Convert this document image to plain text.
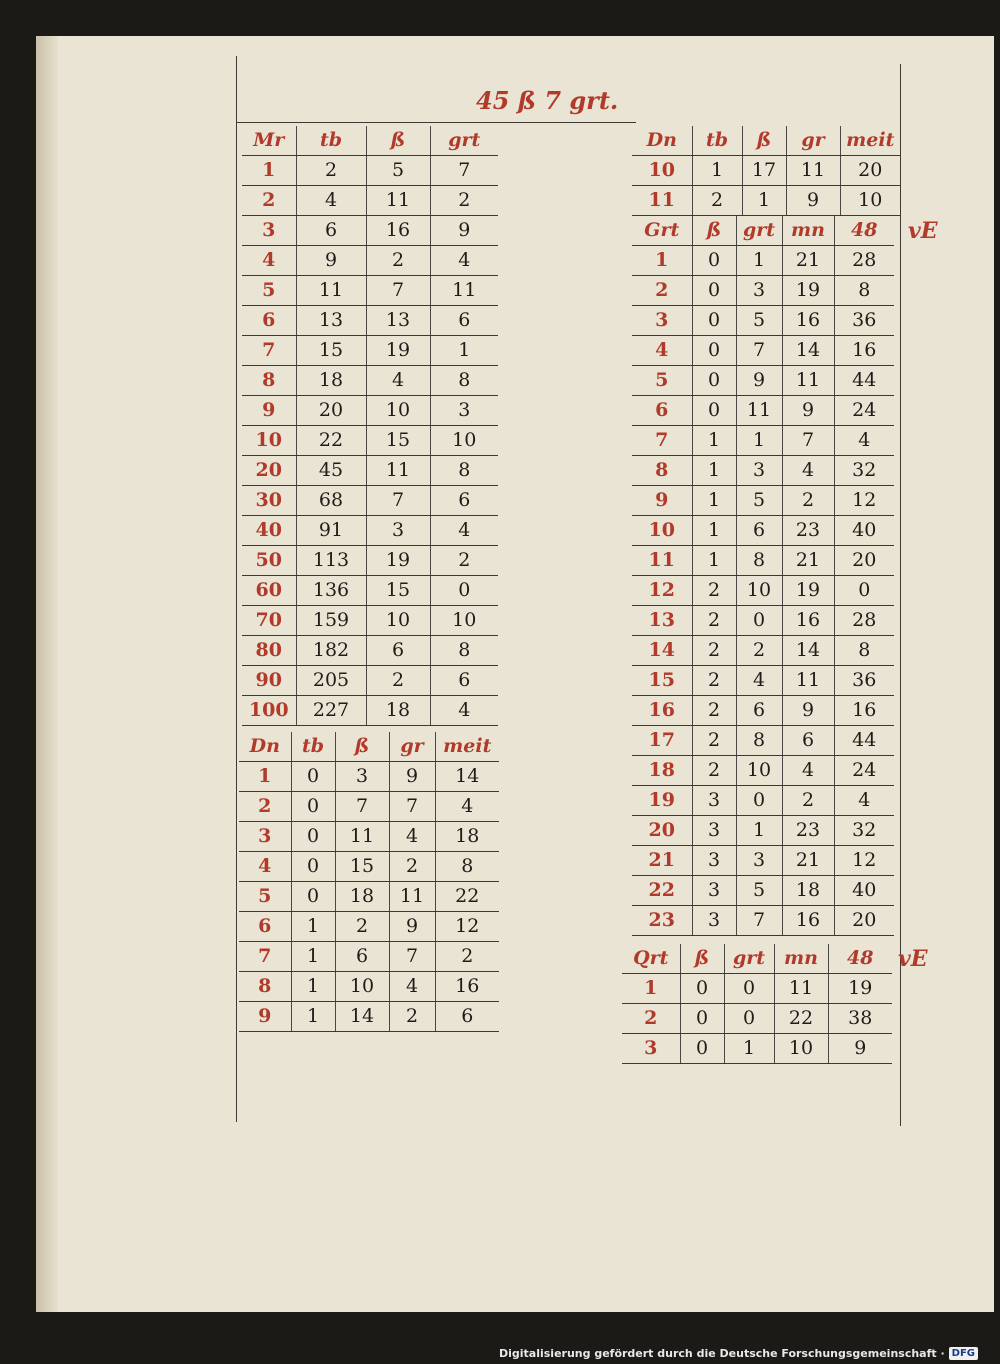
45 ß 7 grt.
Mr	tb	ß	grt
1	2	5	7
2	4	11	2
3	6	16	9
4	9	2	4
5	11	7	11
6	13	13	6
7	15	19	1
8	18	4	8
9	20	10	3
10	22	15	10
20	45	11	8
30	68	7	6
40	91	3	4
50	113	19	2
60	136	15	0
70	159	10	10
80	182	6	8
90	205	2	6
100	227	18	4
Dn	tb	ß	gr	meit
1	0	3	9	14
2	0	7	7	4
3	0	11	4	18
4	0	15	2	8
5	0	18	11	22
6	1	2	9	12
7	1	6	7	2
8	1	10	4	16
9	1	14	2	6
Dn	tb	ß	gr	meit
10	1	17	11	20
11	2	1	9	10
Grt	ß	grt	mn	48
1	0	1	21	28
2	0	3	19	8
3	0	5	16	36
4	0	7	14	16
5	0	9	11	44
6	0	11	9	24
7	1	1	7	4
8	1	3	4	32
9	1	5	2	12
10	1	6	23	40
11	1	8	21	20
12	2	10	19	0
13	2	0	16	28
14	2	2	14	8
15	2	4	11	36
16	2	6	9	16
17	2	8	6	44
18	2	10	4	24
19	3	0	2	4
20	3	1	23	32
21	3	3	21	12
22	3	5	18	40
23	3	7	16	20
Qrt	ß	grt	mn	48
1	0	0	11	19
2	0	0	22	38
3	0	1	10	9
vE
vE
Digitalisierung gefördert durch die Deutsche Forschungsgemeinschaft · DFG
